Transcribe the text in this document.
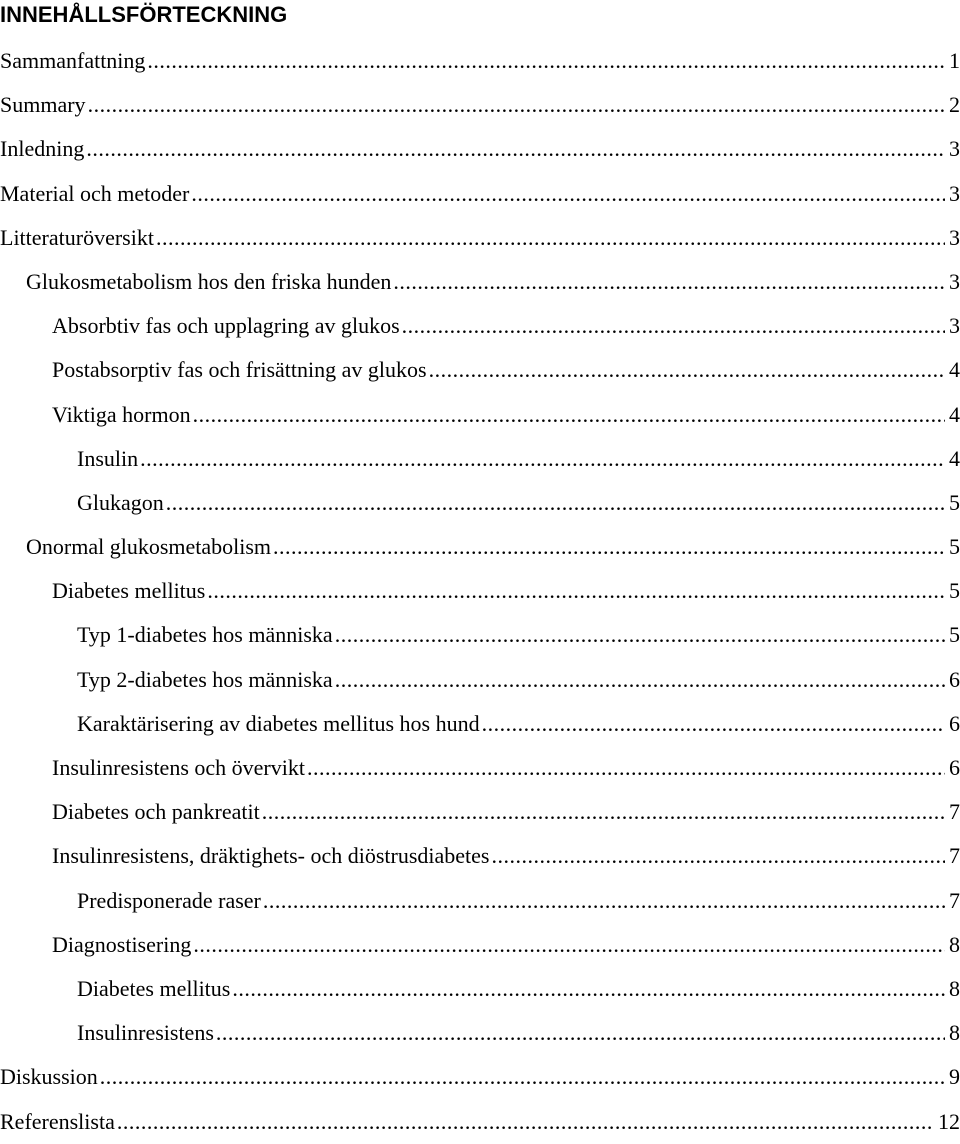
INNEHÅLLSFÖRTECKNING
Sammanfattning .....	1
Summary .....	2
Inledning .....	3
Material och metoder .....	3
Litteraturöversikt .....	3
Glukosmetabolism hos den friska hunden .....	3
Absorbtiv fas och upplagring av glukos .....	3
Postabsorptiv fas och frisättning av glukos .....	4
Viktiga hormon .....	4
Insulin .....	4
Glukagon .....	5
Onormal glukosmetabolism .....	5
Diabetes mellitus .....	5
Typ 1-diabetes hos människa .....	5
Typ 2-diabetes hos människa .....	6
Karaktärisering av diabetes mellitus hos hund .....	6
Insulinresistens och övervikt .....	6
Diabetes och pankreatit .....	7
Insulinresistens, dräktighets- och diöstrusdiabetes .....	7
Predisponerade raser .....	7
Diagnostisering .....	8
Diabetes mellitus .....	8
Insulinresistens .....	8
Diskussion .....	9
Referenslista .....	12
